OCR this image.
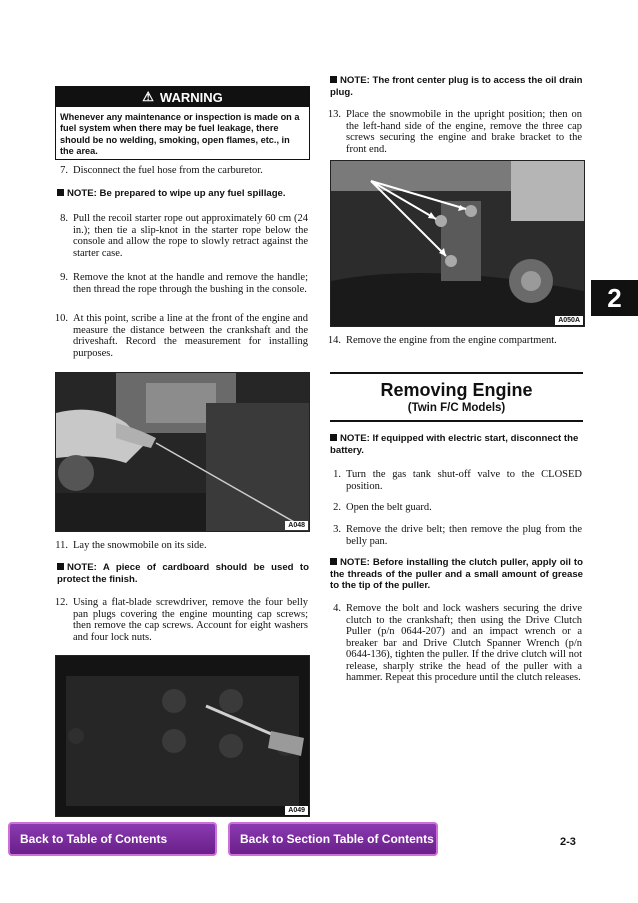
⚠ WARNING
Whenever any maintenance or inspection is made on a fuel system when there may be fuel leakage, there should be no welding, smoking, open flames, etc., in the area.
7. Disconnect the fuel hose from the carburetor.
NOTE: Be prepared to wipe up any fuel spillage.
8. Pull the recoil starter rope out approximately 60 cm (24 in.); then tie a slip-knot in the starter rope below the console and allow the rope to slowly retract against the starter case.
9. Remove the knot at the handle and remove the handle; then thread the rope through the bushing in the console.
10. At this point, scribe a line at the front of the engine and measure the distance between the crankshaft and the driveshaft. Record the measurement for installing purposes.
A048
11. Lay the snowmobile on its side.
NOTE: A piece of cardboard should be used to protect the finish.
12. Using a flat-blade screwdriver, remove the four belly pan plugs covering the engine mounting cap screws; then remove the cap screws. Account for eight washers and four lock nuts.
A049
NOTE: The front center plug is to access the oil drain plug.
13. Place the snowmobile in the upright position; then on the left-hand side of the engine, remove the three cap screws securing the engine and brake bracket to the front end.
A050A
14. Remove the engine from the engine compartment.
Removing Engine
(Twin F/C Models)
NOTE: If equipped with electric start, disconnect the battery.
1. Turn the gas tank shut-off valve to the CLOSED position.
2. Open the belt guard.
3. Remove the drive belt; then remove the plug from the belly pan.
NOTE: Before installing the clutch puller, apply oil to the threads of the puller and a small amount of grease to the tip of the puller.
4. Remove the bolt and lock washers securing the drive clutch to the crankshaft; then using the Drive Clutch Puller (p/n 0644-207) and an impact wrench or a breaker bar and Drive Clutch Spanner Wrench (p/n 0644-136), tighten the puller. If the drive clutch will not release, sharply strike the head of the puller with a hammer. Repeat this procedure until the clutch releases.
2
Back to Table of Contents	Back to Section Table of Contents	2-3
